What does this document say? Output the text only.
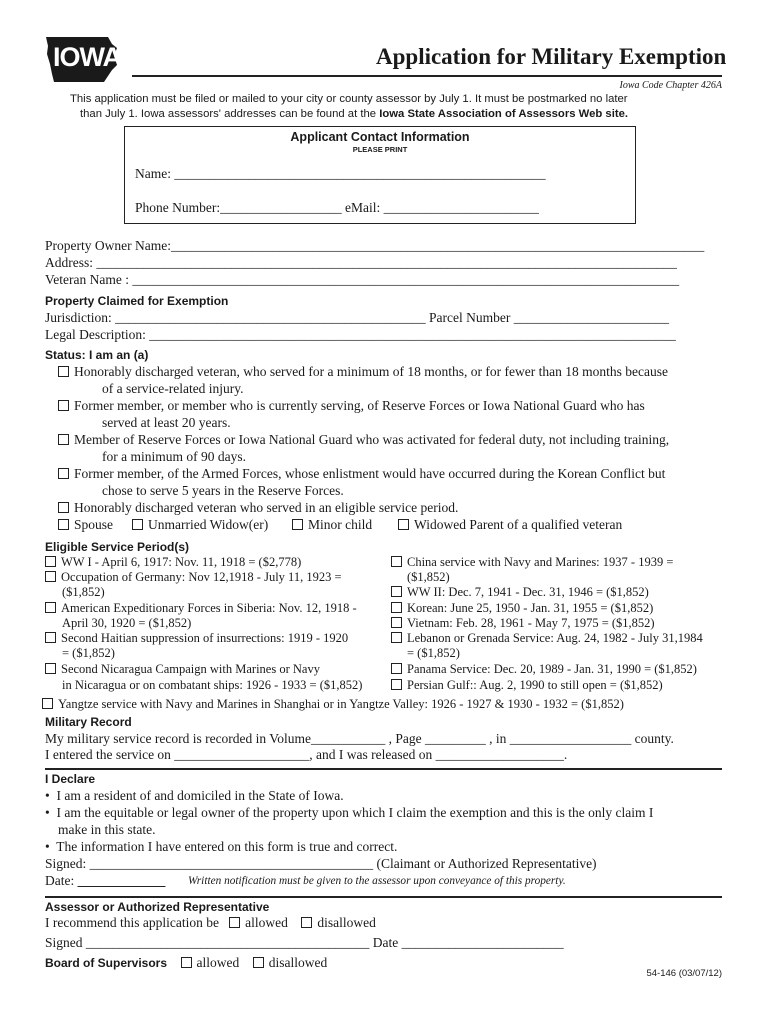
IOWA	Application for Military Exemption
Iowa Code Chapter 426A
This application must be filed or mailed to your city or county assessor by July 1. It must be postmarked no later
than July 1. Iowa assessors' addresses can be found at the Iowa State Association of Assessors Web site.
Applicant Contact Information
PLEASE PRINT
Name: _______________________________________________________
Phone Number:__________________ eMail: _______________________
Property Owner Name:_______________________________________________________________________________
Address: ______________________________________________________________________________________
Veteran Name : _________________________________________________________________________________
Property Claimed for Exemption
Jurisdiction: ______________________________________________ Parcel Number _______________________
Legal Description: ______________________________________________________________________________
Status: I am an (a)
Honorably discharged veteran, who served for a minimum of 18 months, or for fewer than 18 months because
of a service-related injury.
Former member, or member who is currently serving, of Reserve Forces or Iowa National Guard who has
served at least 20 years.
Member of Reserve Forces or Iowa National Guard who was activated for federal duty, not including training,
for a minimum of 90 days.
Former member, of the Armed Forces, whose enlistment would have occurred during the Korean Conflict but
chose to serve 5 years in the Reserve Forces.
Honorably discharged veteran who served in an eligible service period.
Spouse	Unmarried Widow(er)	Minor child	Widowed Parent of a qualified veteran
Eligible Service Period(s)
WW I - April 6, 1917: Nov. 11, 1918 = ($2,778)
Occupation of Germany: Nov 12,1918 - July 11, 1923 =
($1,852)
American Expeditionary Forces in Siberia: Nov. 12, 1918 -
April 30, 1920 = ($1,852)
Second Haitian suppression of insurrections: 1919 - 1920
= ($1,852)
Second Nicaragua Campaign with Marines or Navy
in Nicaragua or on combatant ships: 1926 - 1933 = ($1,852)
China service with Navy and Marines: 1937 - 1939 =
($1,852)
WW II: Dec. 7, 1941 - Dec. 31, 1946 = ($1,852)
Korean: June 25, 1950 - Jan. 31, 1955 = ($1,852)
Vietnam: Feb. 28, 1961 - May 7, 1975 = ($1,852)
Lebanon or Grenada Service: Aug. 24, 1982 - July 31,1984
= ($1,852)
Panama Service: Dec. 20, 1989 - Jan. 31, 1990 = ($1,852)
Persian Gulf:: Aug. 2, 1990 to still open = ($1,852)
Yangtze service with Navy and Marines in Shanghai or in Yangtze Valley: 1926 - 1927 & 1930 - 1932 = ($1,852)
Military Record
My military service record is recorded in Volume___________ , Page _________ , in __________________ county.
I entered the service on ____________________, and I was released on ___________________.
I Declare
•  I am a resident of and domiciled in the State of Iowa.
•  I am the equitable or legal owner of the property upon which I claim the exemption and this is the only claim I
make in this state.
•  The information I have entered on this form is true and correct.
Signed: __________________________________________ (Claimant or Authorized Representative)
Date: _____________ Written notification must be given to the assessor upon conveyance of this property.
Assessor or Authorized Representative
I recommend this application be allowed disallowed
Signed __________________________________________ Date ________________________
Board of Supervisors allowed disallowed
54-146 (03/07/12)
